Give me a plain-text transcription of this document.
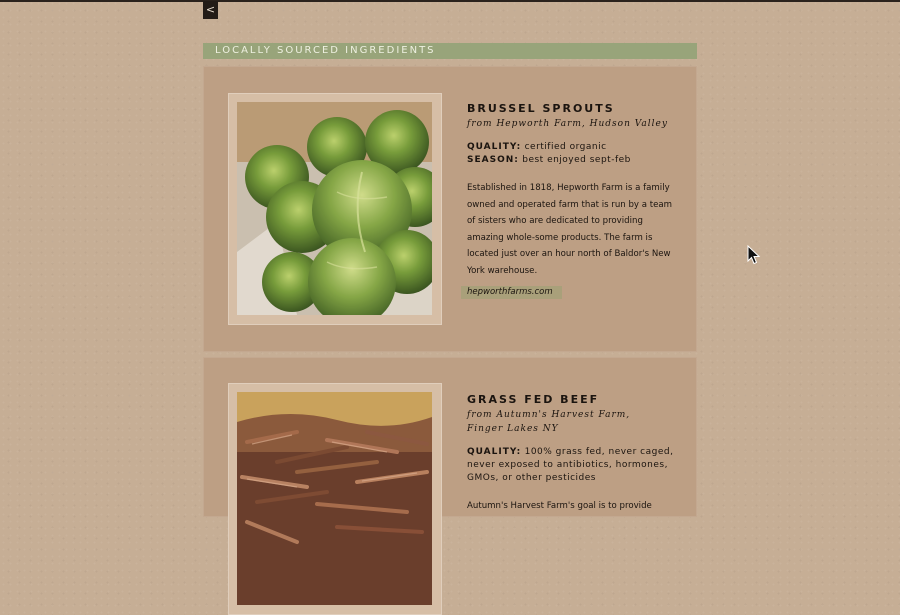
<
LOCALLY SOURCED INGREDIENTS
BRUSSEL SPROUTS
from Hepworth Farm, Hudson Valley
QUALITY: certified organic
SEASON: best enjoyed sept-feb
Established in 1818, Hepworth Farm is a family owned and operated farm that is run by a team of sisters who are dedicated to providing amazing whole-some products. The farm is located just over an hour north of Baldor's New York warehouse.
hepworthfarms.com
GRASS FED BEEF
from Autumn's Harvest Farm,
Finger Lakes NY
QUALITY: 100% grass fed, never caged, never exposed to antibiotics, hormones, GMOs, or other pesticides
Autumn's Harvest Farm's goal is to provide
